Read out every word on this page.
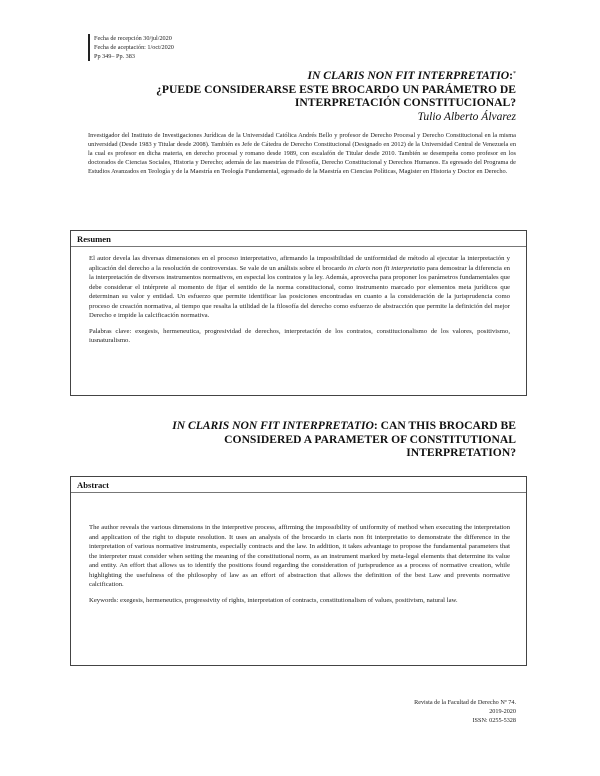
Fecha de recepción 30/jul/2020
Fecha de aceptación: 1/oct/2020
Pp 349– Pp. 383
IN CLARIS NON FIT INTERPRETATIO:*
¿PUEDE CONSIDERARSE ESTE BROCARDO UN PARÁMETRO DE INTERPRETACIÓN CONSTITUCIONAL?
Tulio Alberto Álvarez
Investigador del Instituto de Investigaciones Jurídicas de la Universidad Católica Andrés Bello y profesor de Derecho Procesal y Derecho Constitucional en la misma universidad (Desde 1983 y Titular desde 2008). También es Jefe de Cátedra de Derecho Constitucional (Designado en 2012) de la Universidad Central de Venezuela en la cual es profesor en dicha materia, en derecho procesal y romano desde 1989, con escalafón de Titular desde 2010. También se desempeña como profesor en los doctorados de Ciencias Sociales, Historia y Derecho; además de las maestrías de Filosofía, Derecho Constitucional y Derechos Humanos. Es egresado del Programa de Estudios Avanzados en Teología y de la Maestría en Teología Fundamental, egresado de la Maestría en Ciencias Políticas, Magister en Historia y Doctor en Derecho.
Resumen

El autor devela las diversas dimensiones en el proceso interpretativo, afirmando la imposibilidad de uniformidad de método al ejecutar la interpretación y aplicación del derecho a la resolución de controversias. Se vale de un análisis sobre el brocardo in claris non fit interpretatio para demostrar la diferencia en la interpretación de diversos instrumentos normativos, en especial los contratos y la ley. Además, aprovecha para proponer los parámetros fundamentales que debe considerar el intérprete al momento de fijar el sentido de la norma constitucional, como instrumento marcado por elementos meta jurídicos que determinan su valor y entidad. Un esfuerzo que permite identificar las posiciones encontradas en cuanto a la consideración de la jurisprudencia como proceso de creación normativa, al tiempo que resalta la utilidad de la filosofía del derecho como esfuerzo de abstracción que permite la definición del mejor Derecho e impide la calcificación normativa.

Palabras clave: exegesis, hermeneutica, progresividad de derechos, interpretación de los contratos, constitucionalismo de los valores, positivismo, iusnaturalismo.

IN CLARIS NON FIT INTERPRETATIO: CAN THIS BROCARD BE CONSIDERED A PARAMETER OF CONSTITUTIONAL INTERPRETATION?
Abstract

The author reveals the various dimensions in the interpretive process, affirming the impossibility of uniformity of method when executing the interpretation and application of the right to dispute resolution. It uses an analysis of the brocardo in claris non fit interpretatio to demonstrate the difference in the interpretation of various normative instruments, especially contracts and the law. In addition, it takes advantage to propose the fundamental parameters that the interpreter must consider when setting the meaning of the constitutional norm, as an instrument marked by meta-legal elements that determine its value and entity. An effort that allows us to identify the positions found regarding the consideration of jurisprudence as a process of normative creation, while highlighting the usefulness of the philosophy of law as an effort of abstraction that allows the definition of the best Law and prevents normative calcification.

Keywords: exegesis, hermeneutics, progressivity of rights, interpretation of contracts, constitutionalism of values, positivism, natural law.

Revista de la Facultad de Derecho Nº 74.
2019-2020
ISSN: 0255-5328
